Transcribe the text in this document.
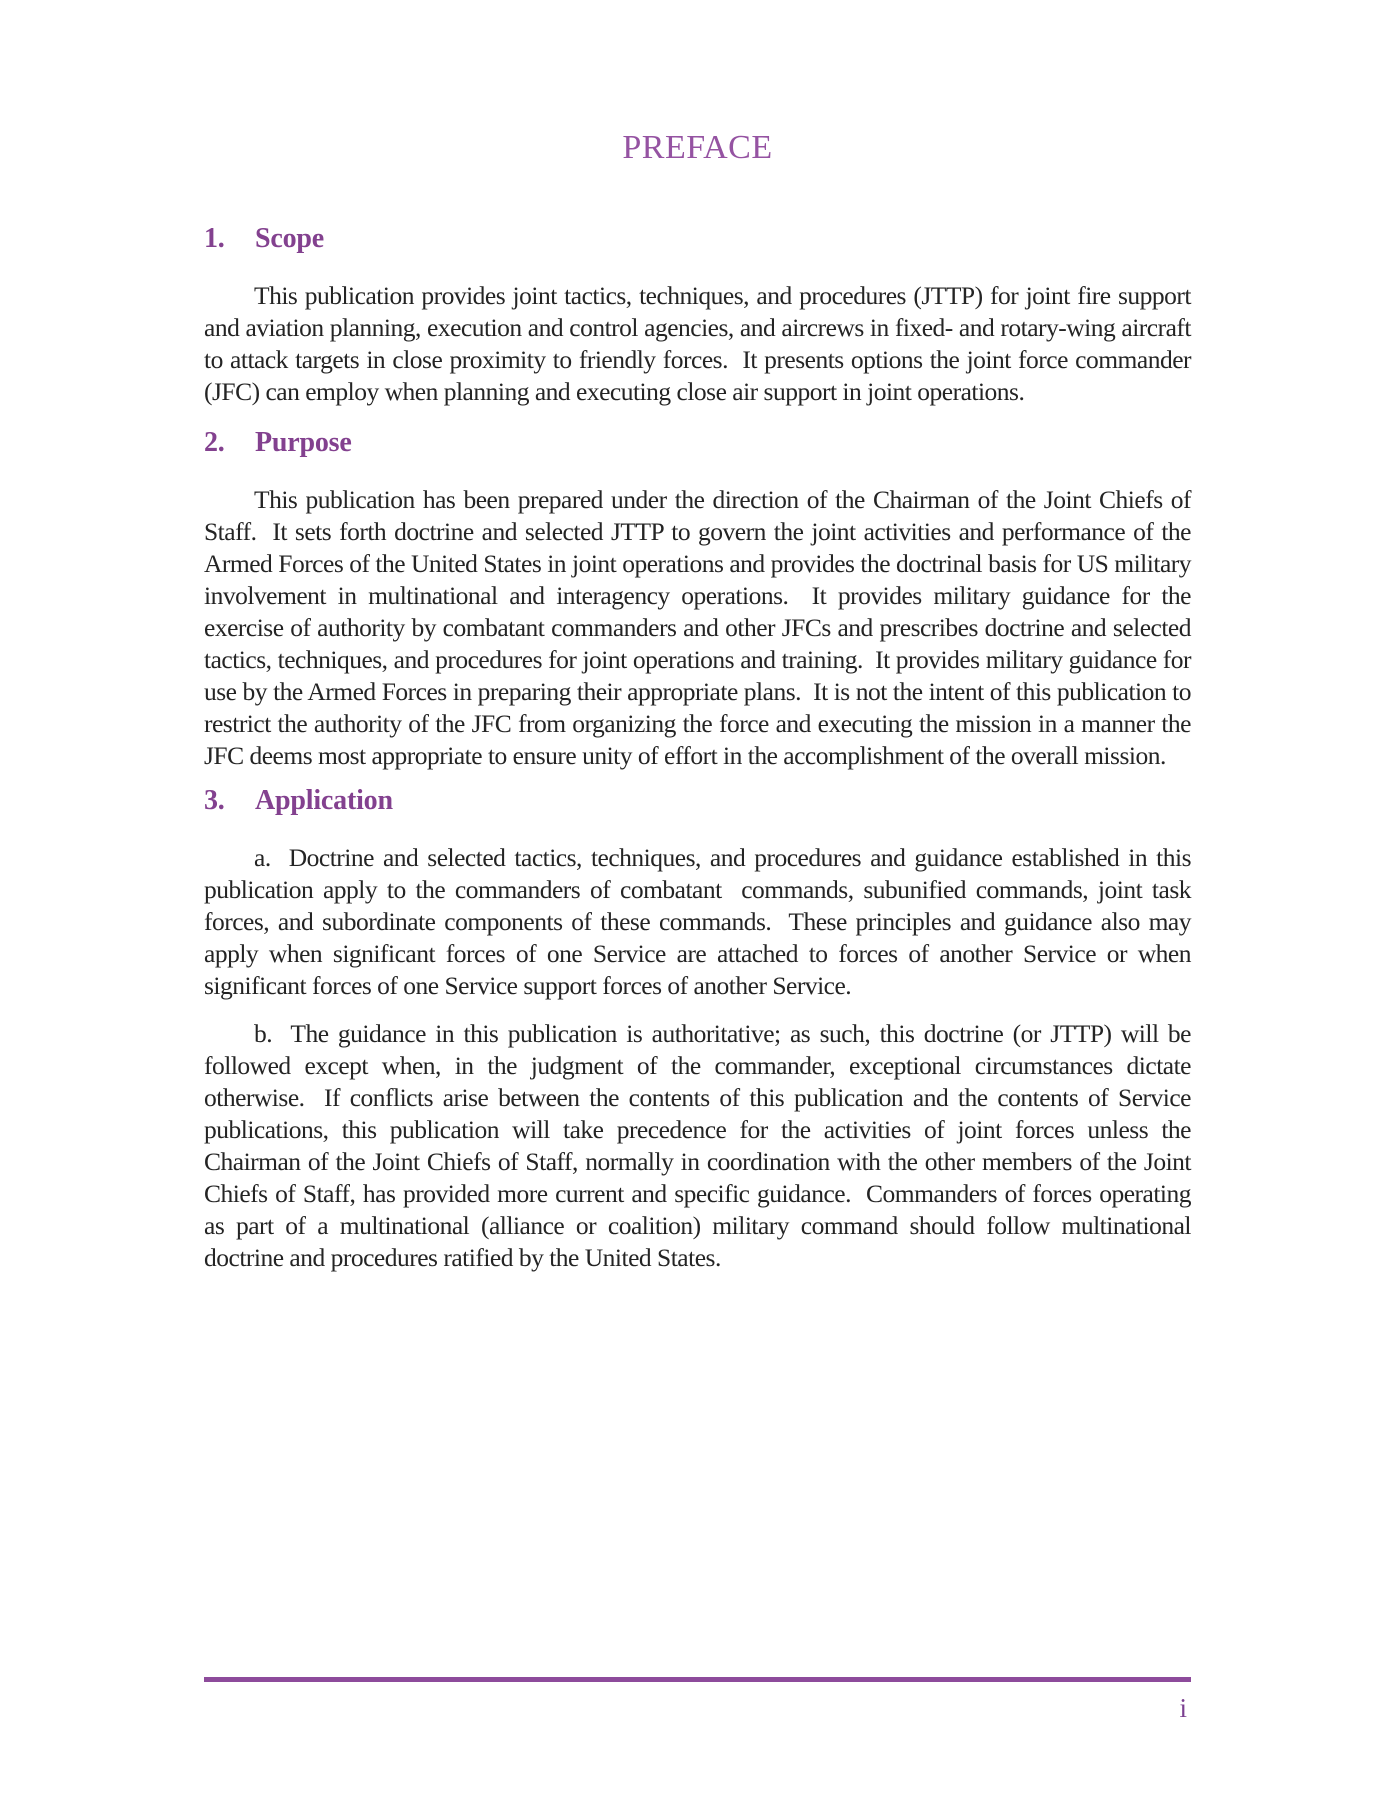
PREFACE
1. Scope

This publication provides joint tactics, techniques, and procedures (JTTP) for joint fire support and aviation planning, execution and control agencies, and aircrews in fixed- and rotary-wing aircraft to attack targets in close proximity to friendly forces.  It presents options the joint force commander (JFC) can employ when planning and executing close air support in joint operations.

2. Purpose

This publication has been prepared under the direction of the Chairman of the Joint Chiefs of Staff.  It sets forth doctrine and selected JTTP to govern the joint activities and performance of the Armed Forces of the United States in joint operations and provides the doctrinal basis for US military involvement in multinational and interagency operations.  It provides military guidance for the exercise of authority by combatant commanders and other JFCs and prescribes doctrine and selected tactics, techniques, and procedures for joint operations and training.  It provides military guidance for use by the Armed Forces in preparing their appropriate plans.  It is not the intent of this publication to restrict the authority of the JFC from organizing the force and executing the mission in a manner the JFC deems most appropriate to ensure unity of effort in the accomplishment of the overall mission.

3. Application

a.  Doctrine and selected tactics, techniques, and procedures and guidance established in this publication apply to the commanders of combatant  commands, subunified commands, joint task forces, and subordinate components of these commands.  These principles and guidance also may apply when significant forces of one Service are attached to forces of another Service or when significant forces of one Service support forces of another Service.

b.  The guidance in this publication is authoritative; as such, this doctrine (or JTTP) will be followed except when, in the judgment of the commander, exceptional circumstances dictate otherwise.  If conflicts arise between the contents of this publication and the contents of Service publications, this publication will take precedence for the activities of joint forces unless the Chairman of the Joint Chiefs of Staff, normally in coordination with the other members of the Joint Chiefs of Staff, has provided more current and specific guidance.  Commanders of forces operating as part of a multinational (alliance or coalition) military command should follow multinational doctrine and procedures ratified by the United States.

i
